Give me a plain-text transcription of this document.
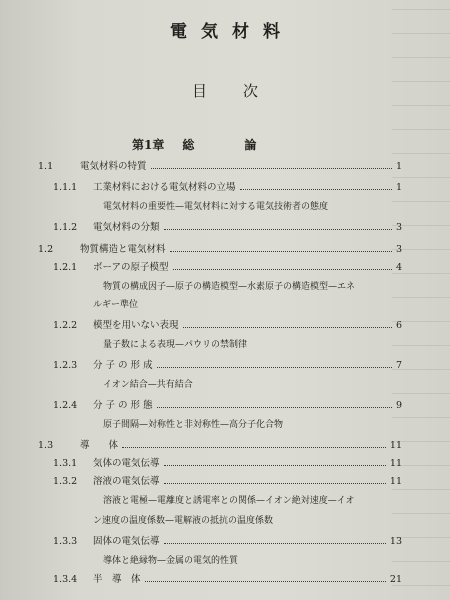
電気材料
目次
第1章 総	論
1.1	電気材料の特質	1
1.1.1 工業材料における電気材料の立場	1
電気材料の重要性—電気材料に対する電気技術者の態度
1.1.2 電気材料の分類	3
1.2	物質構造と電気材料	3
1.2.1 ボーアの原子模型	4
物質の構成因子—原子の構造模型—水素原子の構造模型—エネ
ルギー準位
1.2.2 模型を用いない表現	6
量子数による表現—パウリの禁制律
1.2.3 分 子 の 形 成	7
イオン結合—共有結合
1.2.4 分 子 の 形 態	9
原子間隔—対称性と非対称性—高分子化合物
1.3	導　　体	11
1.3.1 気体の電気伝導	11
1.3.2 溶液の電気伝導	11
溶液と電極—電離度と誘電率との関係—イオン絶対速度—イオ
ン速度の温度係数—電解液の抵抗の温度係数
1.3.3 固体の電気伝導	13
導体と絶縁物—金属の電気的性質
1.3.4 半　導　体	21
